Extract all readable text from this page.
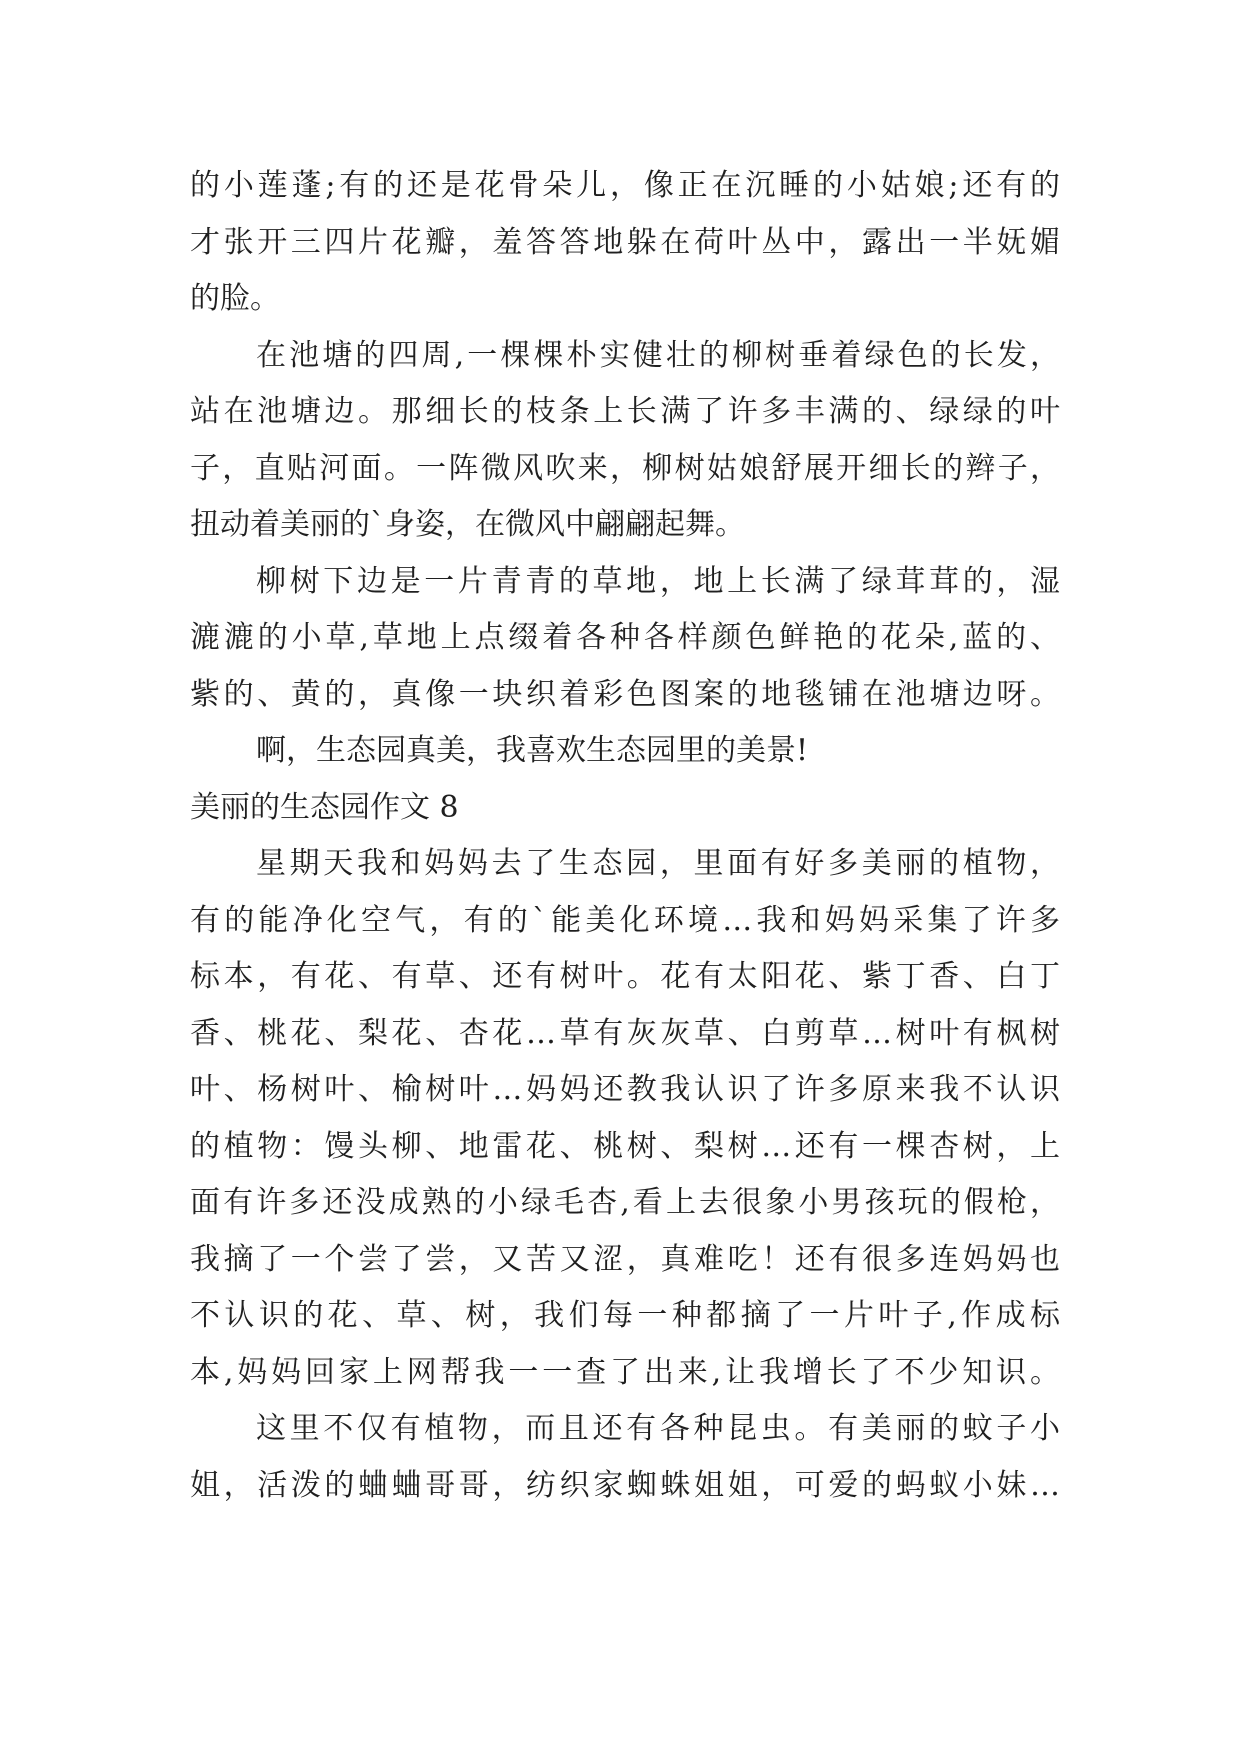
的小莲蓬;有的还是花骨朵儿，像正在沉睡的小姑娘;还有的
才张开三四片花瓣，羞答答地躲在荷叶丛中，露出一半妩媚
的脸。
在池塘的四周,一棵棵朴实健壮的柳树垂着绿色的长发，
站在池塘边。那细长的枝条上长满了许多丰满的、绿绿的叶
子，直贴河面。一阵微风吹来，柳树姑娘舒展开细长的辫子，
扭动着美丽的`身姿，在微风中翩翩起舞。
柳树下边是一片青青的草地，地上长满了绿茸茸的，湿
漉漉的小草,草地上点缀着各种各样颜色鲜艳的花朵,蓝的、
紫的、黄的，真像一块织着彩色图案的地毯铺在池塘边呀。
啊，生态园真美，我喜欢生态园里的美景!
美丽的生态园作文 8
星期天我和妈妈去了生态园，里面有好多美丽的植物，
有的能净化空气，有的`能美化环境…我和妈妈采集了许多
标本，有花、有草、还有树叶。花有太阳花、紫丁香、白丁
香、桃花、梨花、杏花…草有灰灰草、白剪草…树叶有枫树
叶、杨树叶、榆树叶…妈妈还教我认识了许多原来我不认识
的植物：馒头柳、地雷花、桃树、梨树…还有一棵杏树，上
面有许多还没成熟的小绿毛杏,看上去很象小男孩玩的假枪，
我摘了一个尝了尝，又苦又涩，真难吃！还有很多连妈妈也
不认识的花、草、树，我们每一种都摘了一片叶子,作成标
本,妈妈回家上网帮我一一查了出来,让我增长了不少知识。
这里不仅有植物，而且还有各种昆虫。有美丽的蚊子小
姐，活泼的蛐蛐哥哥，纺织家蜘蛛姐姐，可爱的蚂蚁小妹…
